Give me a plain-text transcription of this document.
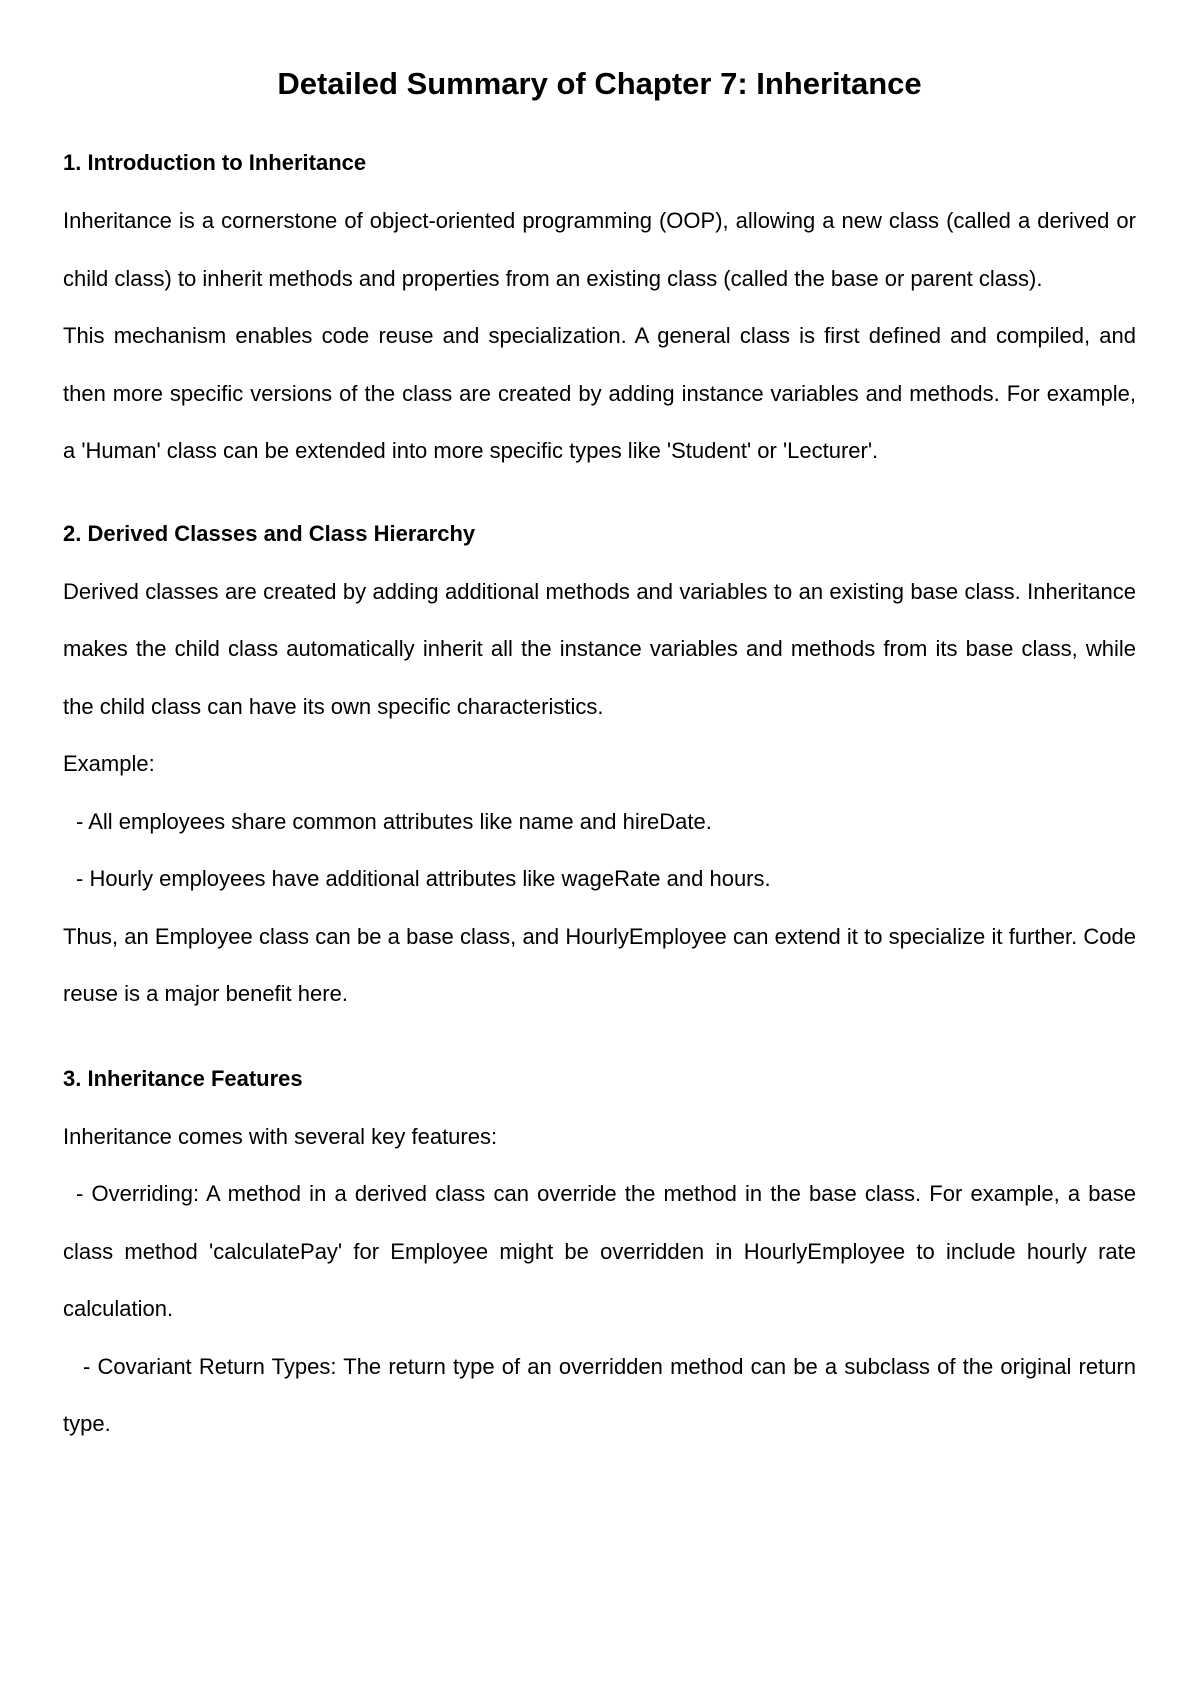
Detailed Summary of Chapter 7: Inheritance
1. Introduction to Inheritance

Inheritance is a cornerstone of object-oriented programming (OOP), allowing a new class (called a derived or child class) to inherit methods and properties from an existing class (called the base or parent class).

This mechanism enables code reuse and specialization. A general class is first defined and compiled, and then more specific versions of the class are created by adding instance variables and methods. For example, a 'Human' class can be extended into more specific types like 'Student' or 'Lecturer'.

2. Derived Classes and Class Hierarchy

Derived classes are created by adding additional methods and variables to an existing base class. Inheritance makes the child class automatically inherit all the instance variables and methods from its base class, while the child class can have its own specific characteristics.

Example:

- All employees share common attributes like name and hireDate.

- Hourly employees have additional attributes like wageRate and hours.

Thus, an Employee class can be a base class, and HourlyEmployee can extend it to specialize it further. Code reuse is a major benefit here.

3. Inheritance Features

Inheritance comes with several key features:

- Overriding: A method in a derived class can override the method in the base class. For example, a base class method 'calculatePay' for Employee might be overridden in HourlyEmployee to include hourly rate calculation.

- Covariant Return Types: The return type of an overridden method can be a subclass of the original return type.
